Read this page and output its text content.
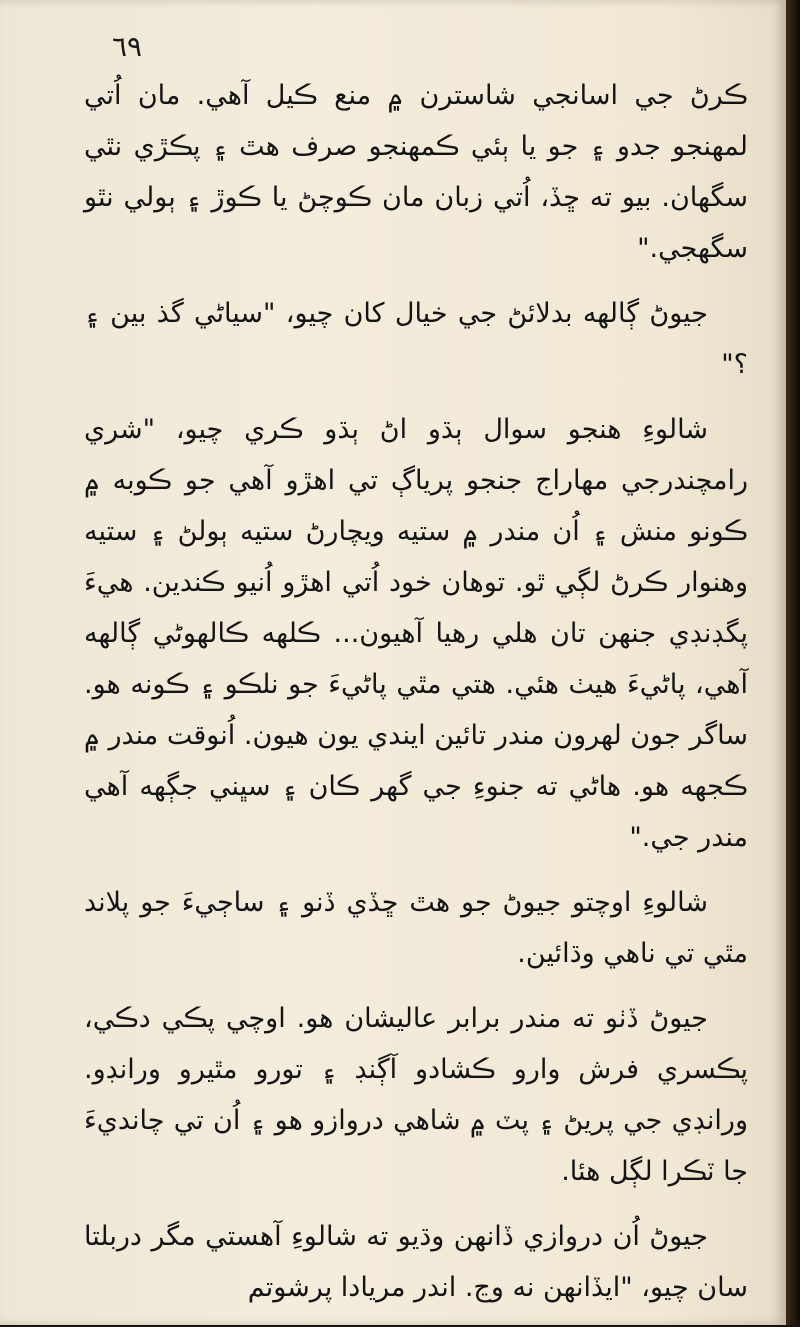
٦٩

ڪرڻ جي اسانجي شاسترن ۾ منع ڪيل آهي. مان اُتي لمهنجو جدو ۽ جو يا ٻئي ڪمهنجو صرف هٿ ۽ پڪڙي نٿي سگهان. بيو ته ڇڏ، اُتي زبان مان ڪوچڻ يا ڪوڙ ۽ ٻولي نٿو سگهجي."

جيوڻ ڳالهه بدلائڻ جي خيال کان چيو، "سياڻي گذ بين ۽ ؟"

شالوءِ هنجو سوال ٻڌو اڻ ٻڌو ڪري چيو، "شري رامچندرجي مهاراج جنجو پرياڳ تي اهڙو آهي جو ڪوبه ۾ ڪونو منش ۽ اُن مندر ۾ ستيه ويچارڻ ستيه ٻولڻ ۽ ستيه وهنوار ڪرڻ لڳي ٿو. توهان خود اُتي اهڙو اُنيو ڪندين. هيءَ پگڊنڊي جنهن تان هلي رهيا آهيون... ڪلهه ڪالهوڻي ڳالهه آهي، پاڻيءَ هيٺ هئي. هتي مٿي پاڻيءَ جو نلڪو ۽ ڪونه هو. ساگر جون لهرون مندر تائين ايندي يون هيون. اُنوقت مندر ۾ ڪجهه هو. هاڻي ته جنوءِ جي گهر ڪان ۽ سڀني جڳهه آهي مندر جي."

شالوءِ اوچتو جيوڻ جو هٿ ڇڏي ڏنو ۽ ساڄيءَ جو پلاند مٿي تي ناهي وڌائين.

جيوڻ ڏٺو ته مندر برابر عاليشان هو. اوچي پڪي دڪي، پڪسري فرش وارو ڪشادو آڳنڊ ۽ تورو مٿيرو ورانڊو. ورانڊي جي پريڻ ۽ پٽ ۾ شاهي دروازو هو ۽ اُن تي چانديءَ جا ٽڪرا لڳل هئا.

جيوڻ اُن دروازي ڏانهن وڌيو ته شالوءِ آهستي مگر دربلتا سان چيو، "ايڏانهن نه وڃ. اندر مريادا پرشوتم
